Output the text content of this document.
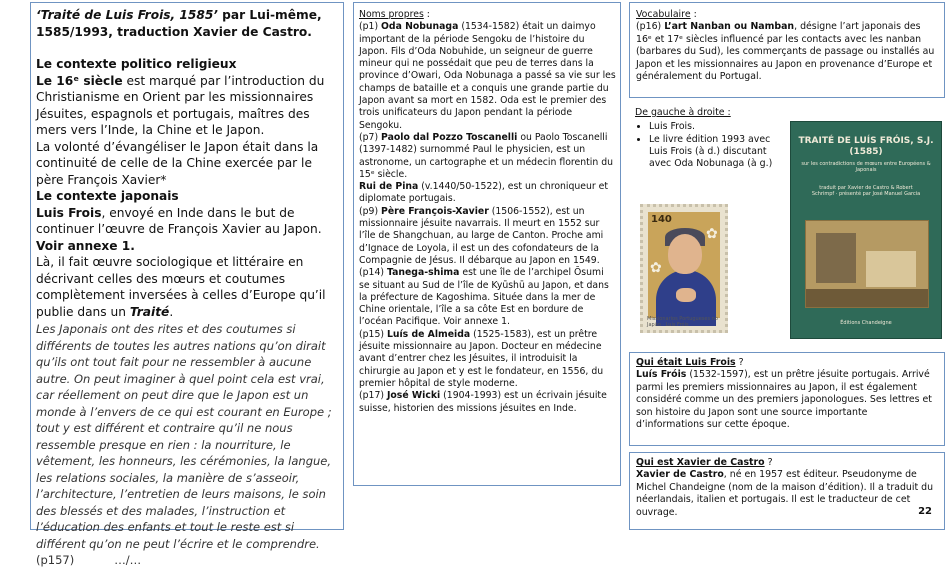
‘Traité de Luis Frois, 1585’ par Lui-même, 1585/1993, traduction Xavier de Castro.

Le contexte politico religieux

Le 16ᵉ siècle est marqué par l’introduction du Christianisme en Orient par les missionnaires Jésuites, espagnols et portugais, maîtres des mers vers l’Inde, la Chine et le Japon.

La volonté d’évangéliser le Japon était dans la continuité de celle de la Chine exercée par le père François Xavier*

Le contexte japonais

Luis Frois, envoyé en Inde dans le but de continuer l’œuvre de François Xavier au Japon. Voir annexe 1.

Là, il fait œuvre sociologique et littéraire en décrivant celles des mœurs et coutumes complètement inversées à celles d’Europe qu’il publie dans un Traité.

Les Japonais ont des rites et des coutumes si différents de toutes les autres nations qu’on dirait qu’ils ont tout fait pour ne ressembler à aucune autre. On peut imaginer à quel point cela est vrai, car réellement on peut dire que le Japon est un monde à l’envers de ce qui est courant en Europe ; tout y est différent et contraire qu’il ne nous ressemble presque en rien : la nourriture, le vêtement, les honneurs, les cérémonies, la langue, les relations sociales, la manière de s’asseoir, l’architecture, l’entretien de leurs maisons, le soin des blessés et des malades, l’instruction et l’éducation des enfants et tout le reste est si différent qu’on ne peut l’écrire et le comprendre. (p157)	…/…

Noms propres :

(p1) Oda Nobunaga (1534-1582) était un daimyo important de la période Sengoku de l’histoire du Japon. Fils d’Oda Nobuhide, un seigneur de guerre mineur qui ne possédait que peu de terres dans la province d’Owari, Oda Nobunaga a passé sa vie sur les champs de bataille et a conquis une grande partie du Japon avant sa mort en 1582. Oda est le premier des trois unificateurs du Japon pendant la période Sengoku.

(p7) Paolo dal Pozzo Toscanelli ou Paolo Toscanelli (1397-1482) surnommé Paul le physicien, est un astronome, un cartographe et un médecin florentin du 15ᵉ siècle.

Rui de Pina (v.1440/50-1522), est un chroniqueur et diplomate portugais.

(p9) Père François-Xavier (1506-1552), est un missionnaire jésuite navarrais. Il meurt en 1552 sur l’île de Shangchuan, au large de Canton. Proche ami d’Ignace de Loyola, il est un des cofondateurs de la Compagnie de Jésus. Il débarque au Japon en 1549.

(p14) Tanega-shima est une île de l’archipel Ōsumi se situant au Sud de l’île de Kyūshū au Japon, et dans la préfecture de Kagoshima. Située dans la mer de Chine orientale, l’île a sa côte Est en bordure de l’océan Pacifique. Voir annexe 1.

(p15) Luís de Almeida (1525-1583), est un prêtre jésuite missionnaire au Japon. Docteur en médecine avant d’entrer chez les Jésuites, il introduisit la chirurgie au Japon et y est le fondateur, en 1556, du premier hôpital de style moderne.

(p17) José Wicki (1904-1993) est un écrivain jésuite suisse, historien des missions jésuites en Inde.

Vocabulaire :

(p16) L’art Nanban ou Namban, désigne l’art japonais des 16ᵉ et 17ᵉ siècles influencé par les contacts avec les nanban (barbares du Sud), les commerçants de passage ou installés au Japon et les missionnaires au Japon en provenance d’Europe et généralement du Portugal.

De gauche à droite :
• Luis Frois.
• Le livre édition 1993 avec Luis Frois (à d.) discutant avec Oda Nobunaga (à g.)
140
✿
✿
Missionarios Portugueses no Japão · Luís Fróis
TRAITÉ DE LUÍS FRÓIS, S.J. (1585)
sur les contradictions de mœurs entre Européens & Japonais
traduit par Xavier de Castro & Robert Schrimpf · présenté par José Manuel Garcia
Éditions Chandeigne

Qui était Luis Frois ?

Luís Fróis (1532-1597), est un prêtre jésuite portugais. Arrivé parmi les premiers missionnaires au Japon, il est également considéré comme un des premiers japonologues. Ses lettres et son histoire du Japon sont une source importante d’informations sur cette époque.

Qui est Xavier de Castro ?

Xavier de Castro, né en 1957 est éditeur. Pseudonyme de Michel Chandeigne (nom de la maison d’édition). Il a traduit du néerlandais, italien et portugais. Il est le traducteur de cet ouvrage.	22
